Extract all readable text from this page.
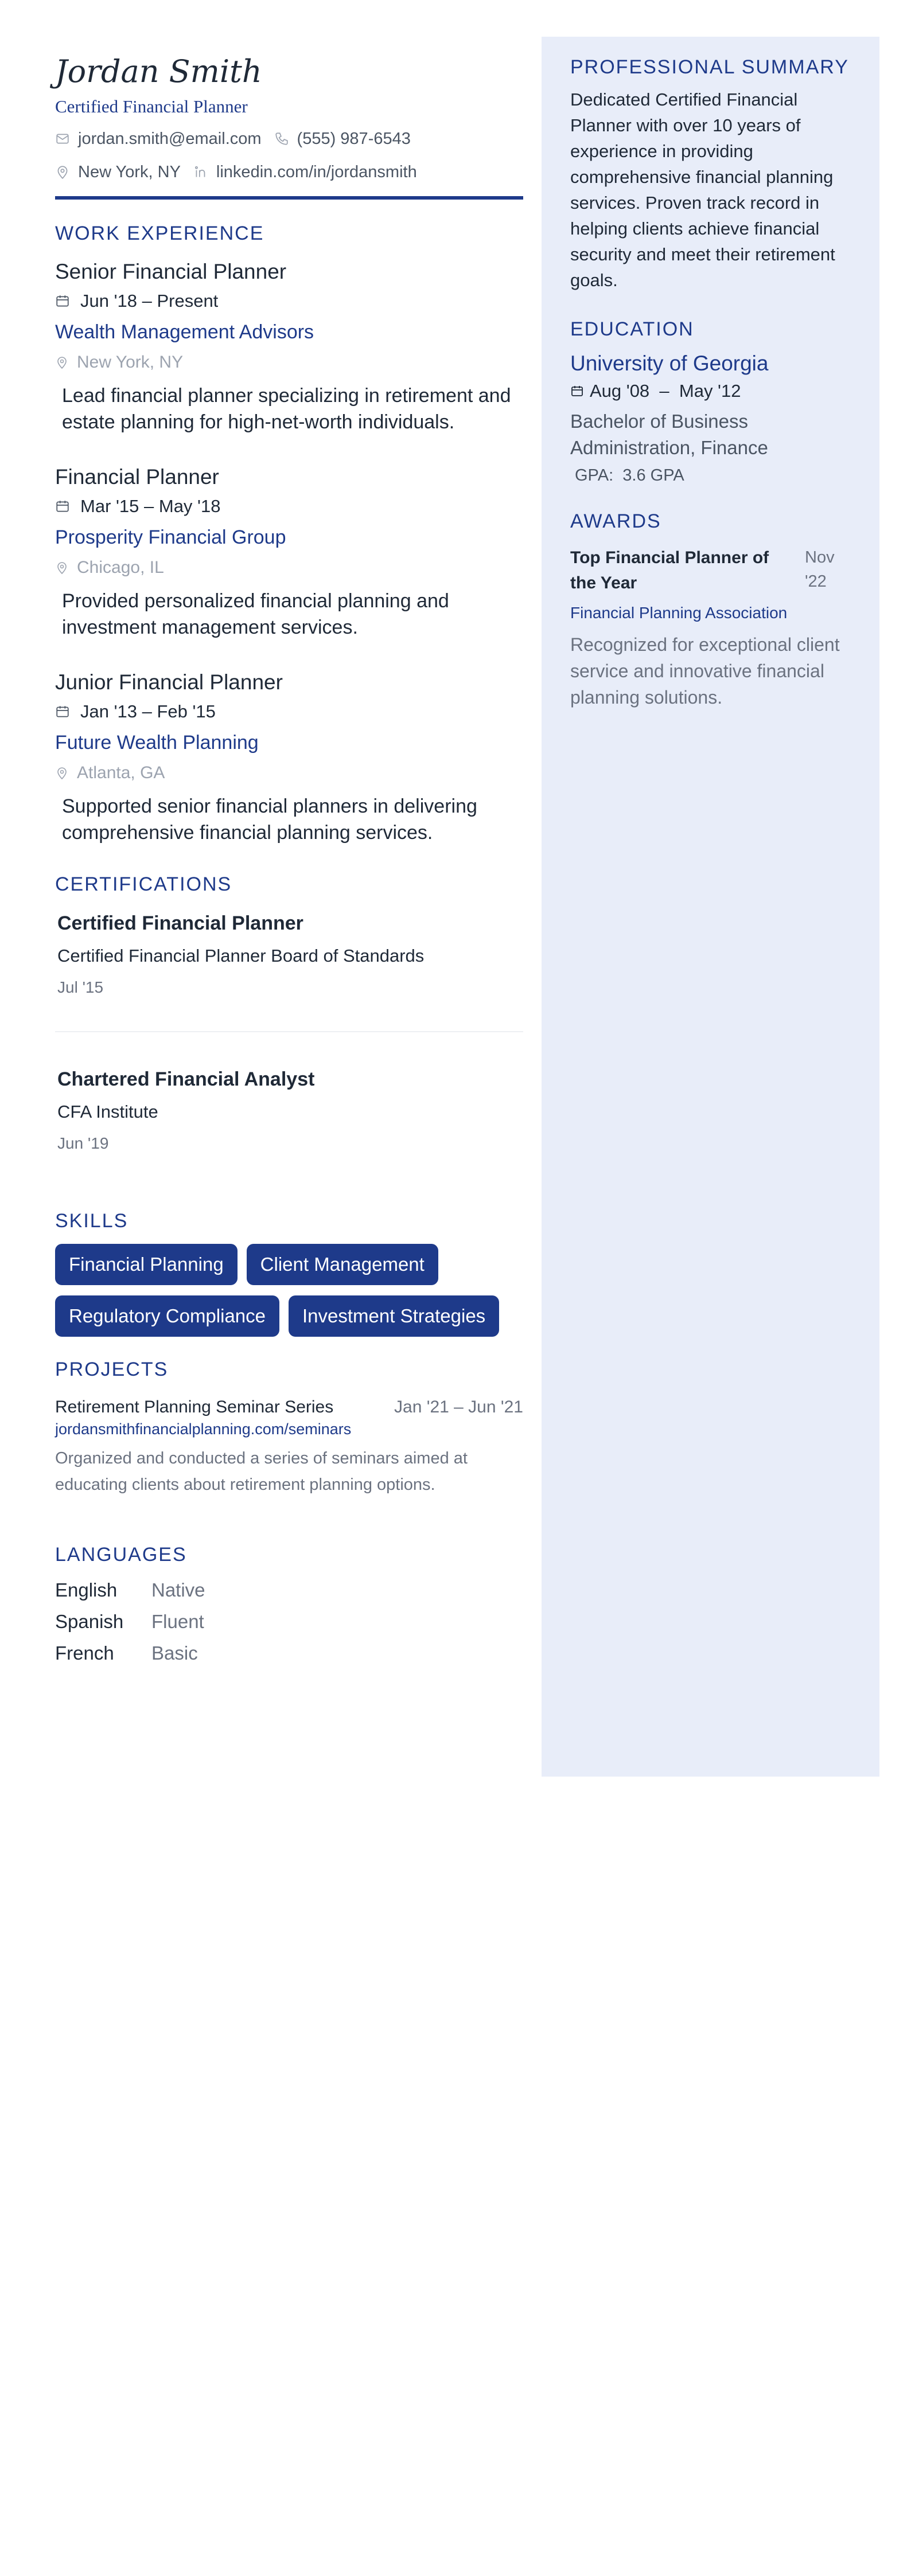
Jordan Smith
Certified Financial Planner
jordan.smith@email.com (555) 987-6543
New York, NY linkedin.com/in/jordansmith
WORK EXPERIENCE
Senior Financial Planner
Jun '18 – Present
Wealth Management Advisors
New York, NY
Lead financial planner specializing in retirement and estate planning for high-net-worth individuals.
Financial Planner
Mar '15 – May '18
Prosperity Financial Group
Chicago, IL
Provided personalized financial planning and investment management services.
Junior Financial Planner
Jan '13 – Feb '15
Future Wealth Planning
Atlanta, GA
Supported senior financial planners in delivering comprehensive financial planning services.
CERTIFICATIONS
Certified Financial Planner
Certified Financial Planner Board of Standards
Jul '15
Chartered Financial Analyst
CFA Institute
Jun '19
SKILLS
Financial Planning	Client Management
Regulatory Compliance	Investment Strategies
PROJECTS
Retirement Planning Seminar Series	Jan '21 – Jun '21
jordansmithfinancialplanning.com/seminars
Organized and conducted a series of seminars aimed at educating clients about retirement planning options.
LANGUAGES
English	Native
Spanish	Fluent
French	Basic
PROFESSIONAL SUMMARY

Dedicated Certified Financial Planner with over 10 years of experience in providing comprehensive financial planning services. Proven track record in helping clients achieve financial security and meet their retirement goals.

EDUCATION
University of Georgia
Aug '08 – May '12
Bachelor of Business Administration, Finance
GPA: 3.6 GPA
AWARDS
Top Financial Planner of the Year
Nov '22
Financial Planning Association
Recognized for exceptional client service and innovative financial planning solutions.
